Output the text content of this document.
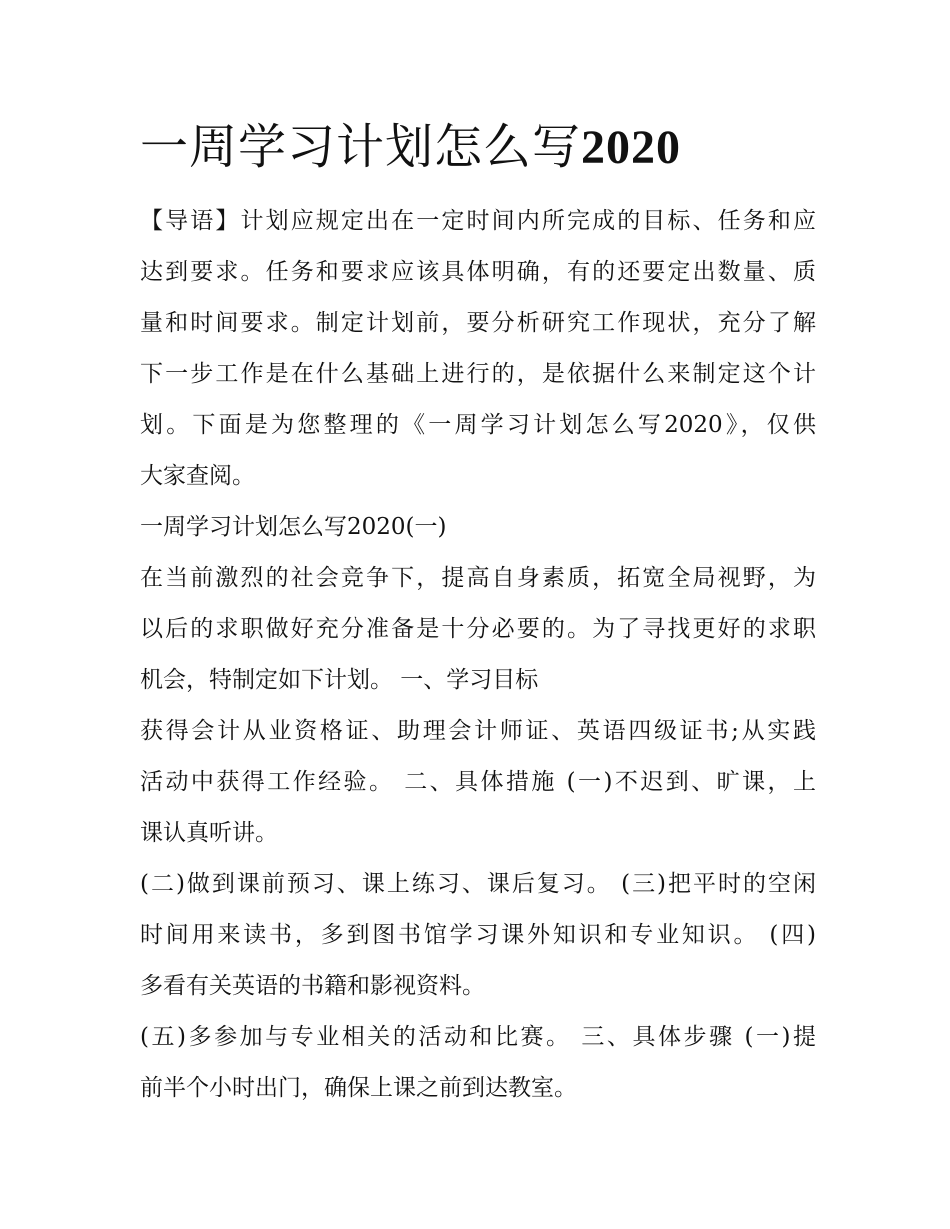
一周学习计划怎么写2020
【导语】计划应规定出在一定时间内所完成的目标、任务和应
达到要求。任务和要求应该具体明确，有的还要定出数量、质
量和时间要求。制定计划前，要分析研究工作现状，充分了解
下一步工作是在什么基础上进行的，是依据什么来制定这个计
划。下面是为您整理的《一周学习计划怎么写2020》，仅供
大家查阅。
一周学习计划怎么写2020(一)
在当前激烈的社会竞争下，提高自身素质，拓宽全局视野，为
以后的求职做好充分准备是十分必要的。为了寻找更好的求职
机会，特制定如下计划。 一、学习目标
获得会计从业资格证、助理会计师证、英语四级证书;从实践
活动中获得工作经验。 二、具体措施 (一)不迟到、旷课，上
课认真听讲。
(二)做到课前预习、课上练习、课后复习。 (三)把平时的空闲
时间用来读书，多到图书馆学习课外知识和专业知识。 (四)
多看有关英语的书籍和影视资料。
(五)多参加与专业相关的活动和比赛。 三、具体步骤 (一)提
前半个小时出门，确保上课之前到达教室。
